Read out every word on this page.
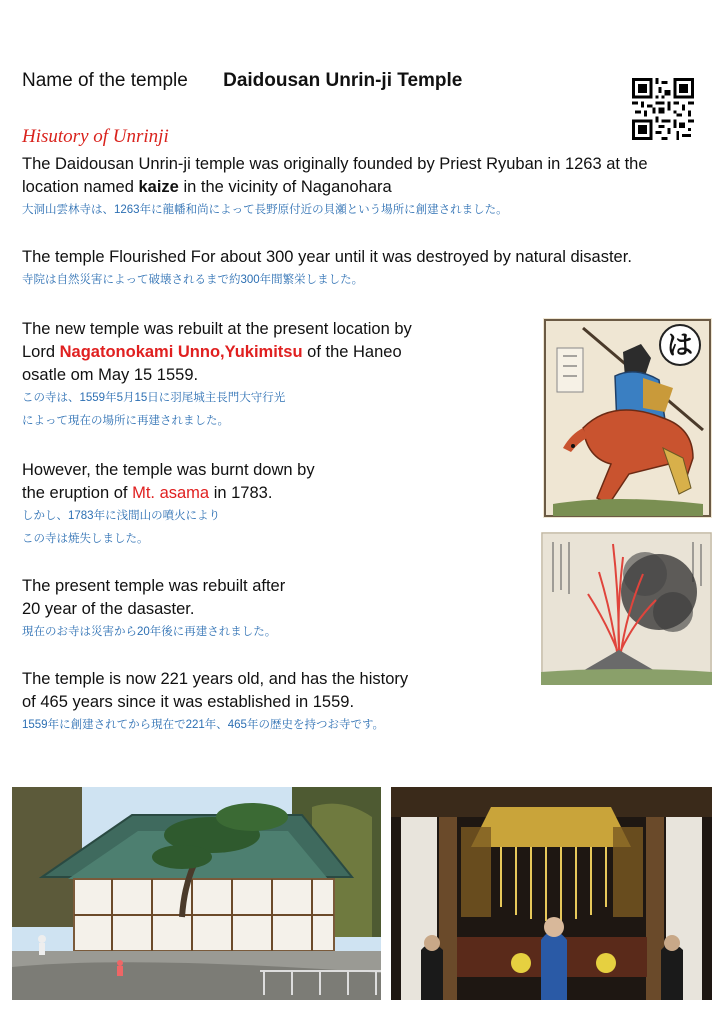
Name of the temple Daidousan Unrin-ji Temple
Hisutory of Unrinji
The Daidousan Unrin-ji temple was originally founded by Priest Ryuban in 1263 at the
location named kaize in the vicinity of Naganohara
大洞山雲林寺は、1263年に龍幡和尚によって長野原付近の貝瀬という場所に創建されました。
The temple Flourished For about 300 year until it was destroyed by natural disaster.
寺院は自然災害によって破壊されるまで約300年間繁栄しました。
The new temple was rebuilt at the present location by
Lord Nagatonokami Unno,Yukimitsu of the Haneo
osatle om May 15 1559.
この寺は、1559年5月15日に羽尾城主長門大守行光
によって現在の場所に再建されました。
However, the temple was burnt down by
the eruption of Mt. asama in 1783.
しかし、1783年に浅間山の噴火により
この寺は焼失しました。
The present temple was rebuilt after
20 year of the dasaster.
現在のお寺は災害から20年後に再建されました。
The temple is now 221 years old, and has the history
of 465 years since it was established in 1559.
1559年に創建されてから現在で221年、465年の歴史を持つお寺です。
は
